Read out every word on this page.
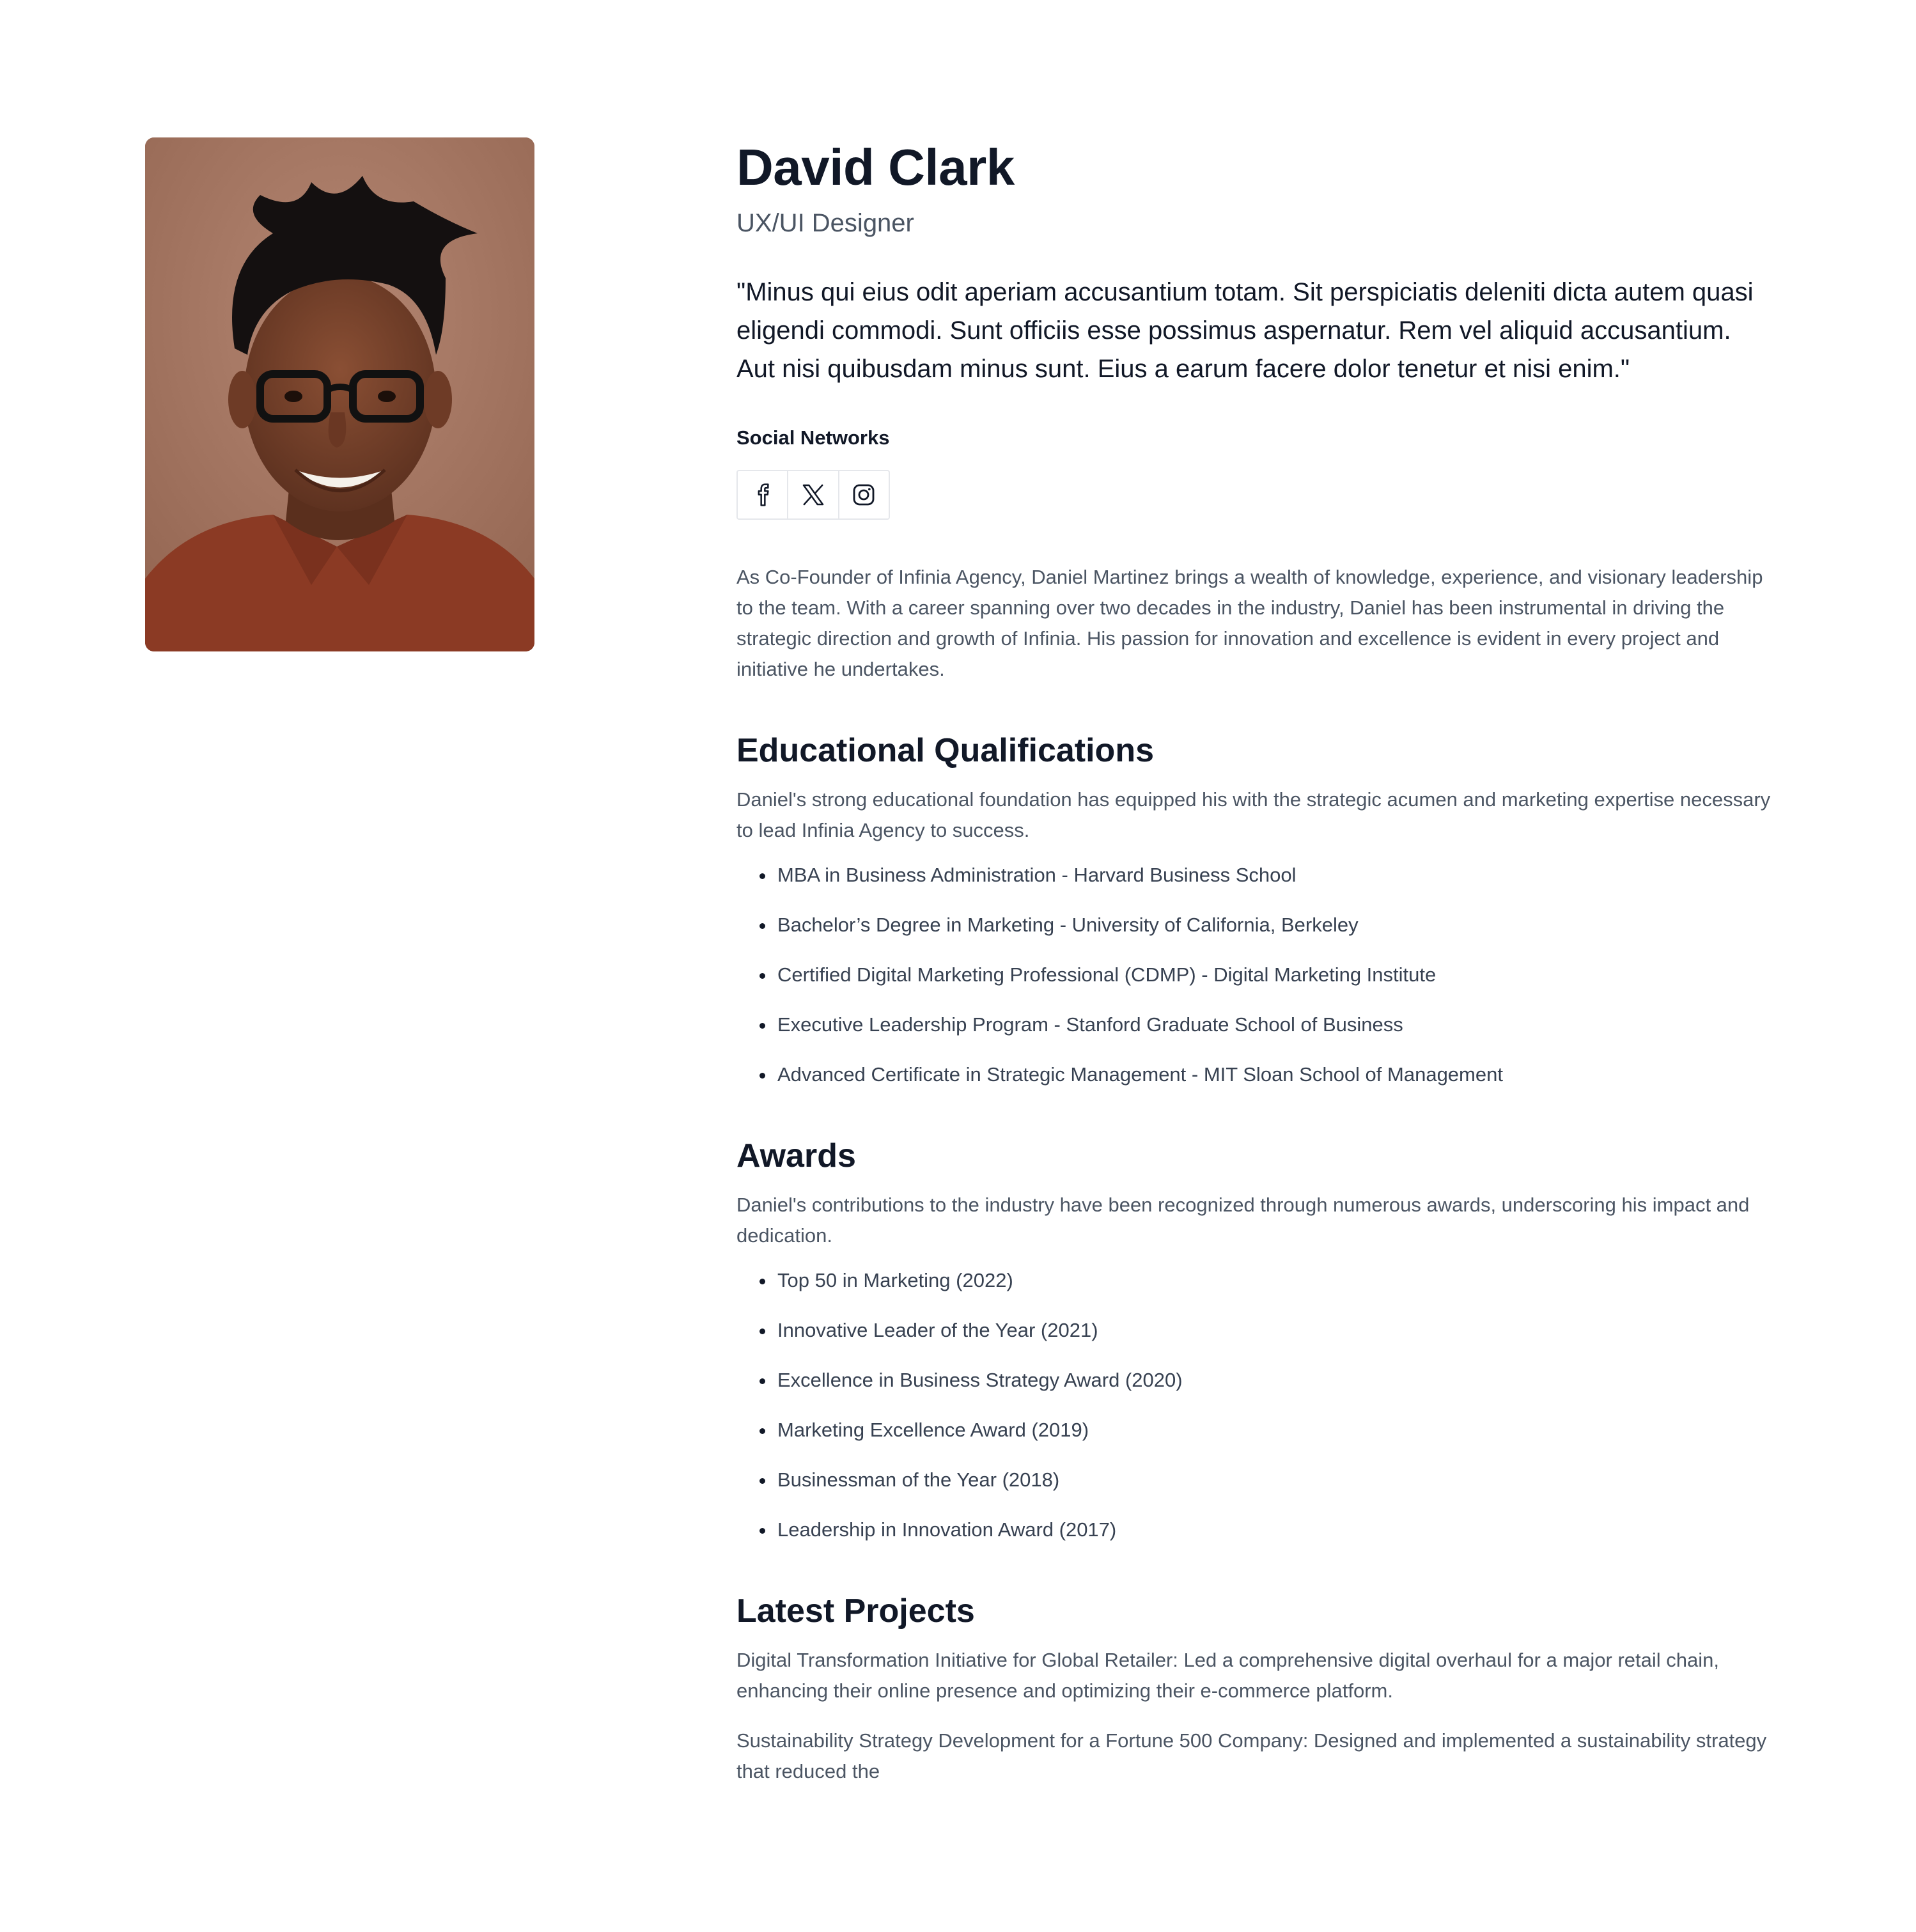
David Clark

UX/UI Designer

"Minus qui eius odit aperiam accusantium totam. Sit perspiciatis deleniti dicta autem quasi eligendi commodi. Sunt officiis esse possimus aspernatur. Rem vel aliquid accusantium. Aut nisi quibusdam minus sunt. Eius a earum facere dolor tenetur et nisi enim."

Social Networks

As Co-Founder of Infinia Agency, Daniel Martinez brings a wealth of knowledge, experience, and visionary leadership to the team. With a career spanning over two decades in the industry, Daniel has been instrumental in driving the strategic direction and growth of Infinia. His passion for innovation and excellence is evident in every project and initiative he undertakes.

Educational Qualifications

Daniel's strong educational foundation has equipped his with the strategic acumen and marketing expertise necessary to lead Infinia Agency to success.

MBA in Business Administration - Harvard Business School
Bachelor’s Degree in Marketing - University of California, Berkeley
Certified Digital Marketing Professional (CDMP) - Digital Marketing Institute
Executive Leadership Program - Stanford Graduate School of Business
Advanced Certificate in Strategic Management - MIT Sloan School of Management
Awards

Daniel's contributions to the industry have been recognized through numerous awards, underscoring his impact and dedication.

Top 50 in Marketing (2022)
Innovative Leader of the Year (2021)
Excellence in Business Strategy Award (2020)
Marketing Excellence Award (2019)
Businessman of the Year (2018)
Leadership in Innovation Award (2017)
Latest Projects

Digital Transformation Initiative for Global Retailer: Led a comprehensive digital overhaul for a major retail chain, enhancing their online presence and optimizing their e-commerce platform.

Sustainability Strategy Development for a Fortune 500 Company: Designed and implemented a sustainability strategy that reduced the
